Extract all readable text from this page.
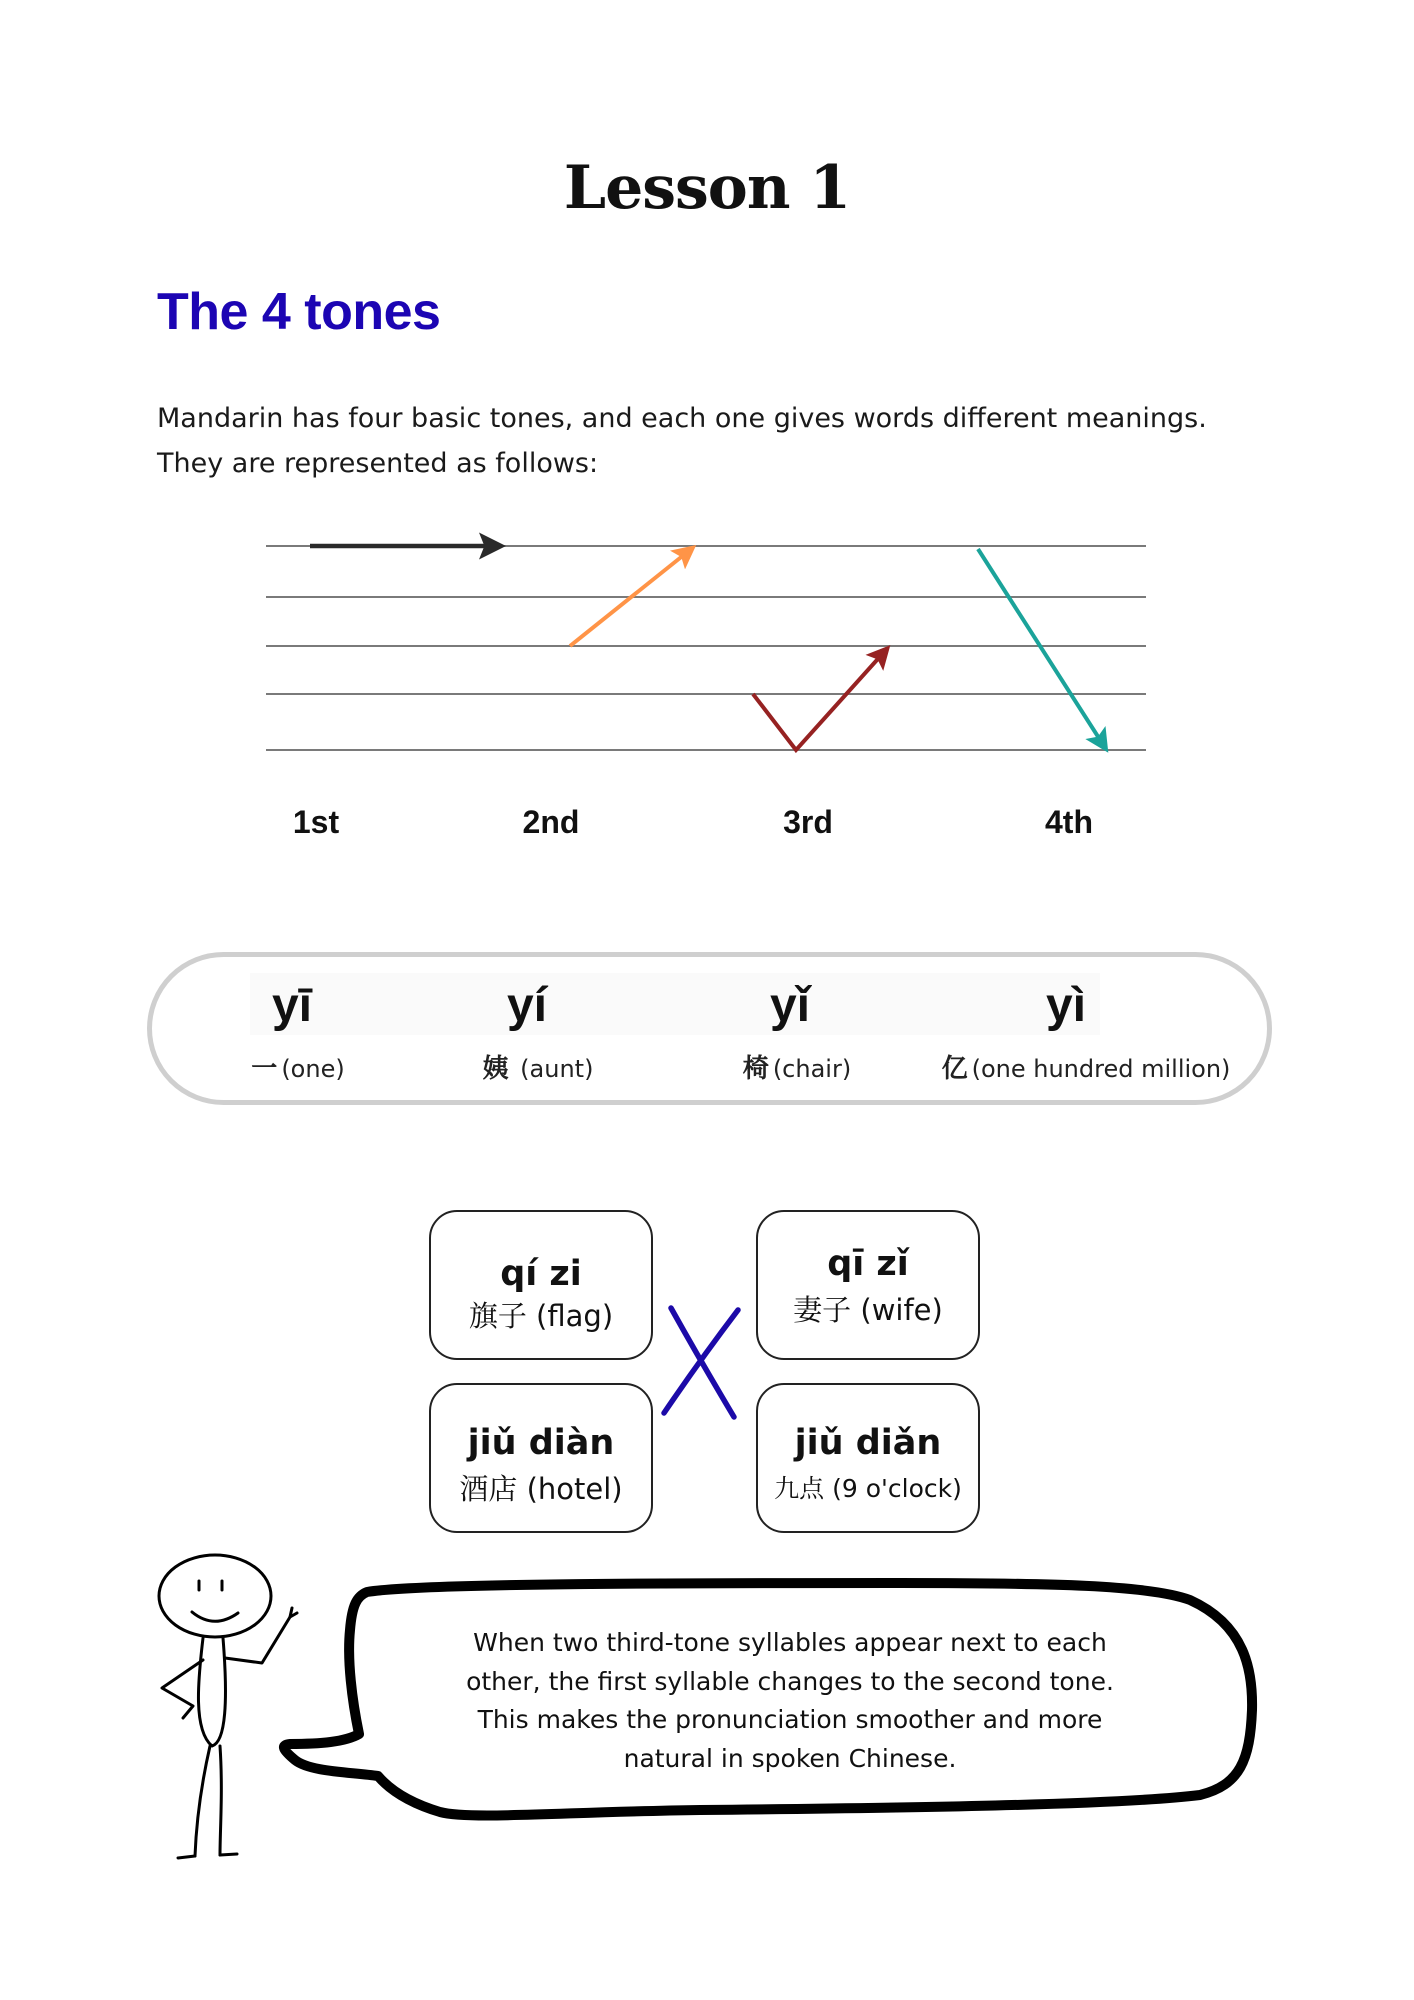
Lesson 1
The 4 tones
Mandarin has four basic tones, and each one gives words different meanings.
They are represented as follows:
1st	2nd	3rd	4th
yī	yí	yǐ	yì
一 (one)	姨 (aunt)	椅 (chair)	亿 (one hundred million)
qí zi
旗子 (flag)
jiǔ diàn
酒店 (hotel)
qī zǐ
妻子 (wife)
jiǔ diǎn
九点 (9 o'clock)
When two third-tone syllables appear next to each
other, the first syllable changes to the second tone.
This makes the pronunciation smoother and more
natural in spoken Chinese.
